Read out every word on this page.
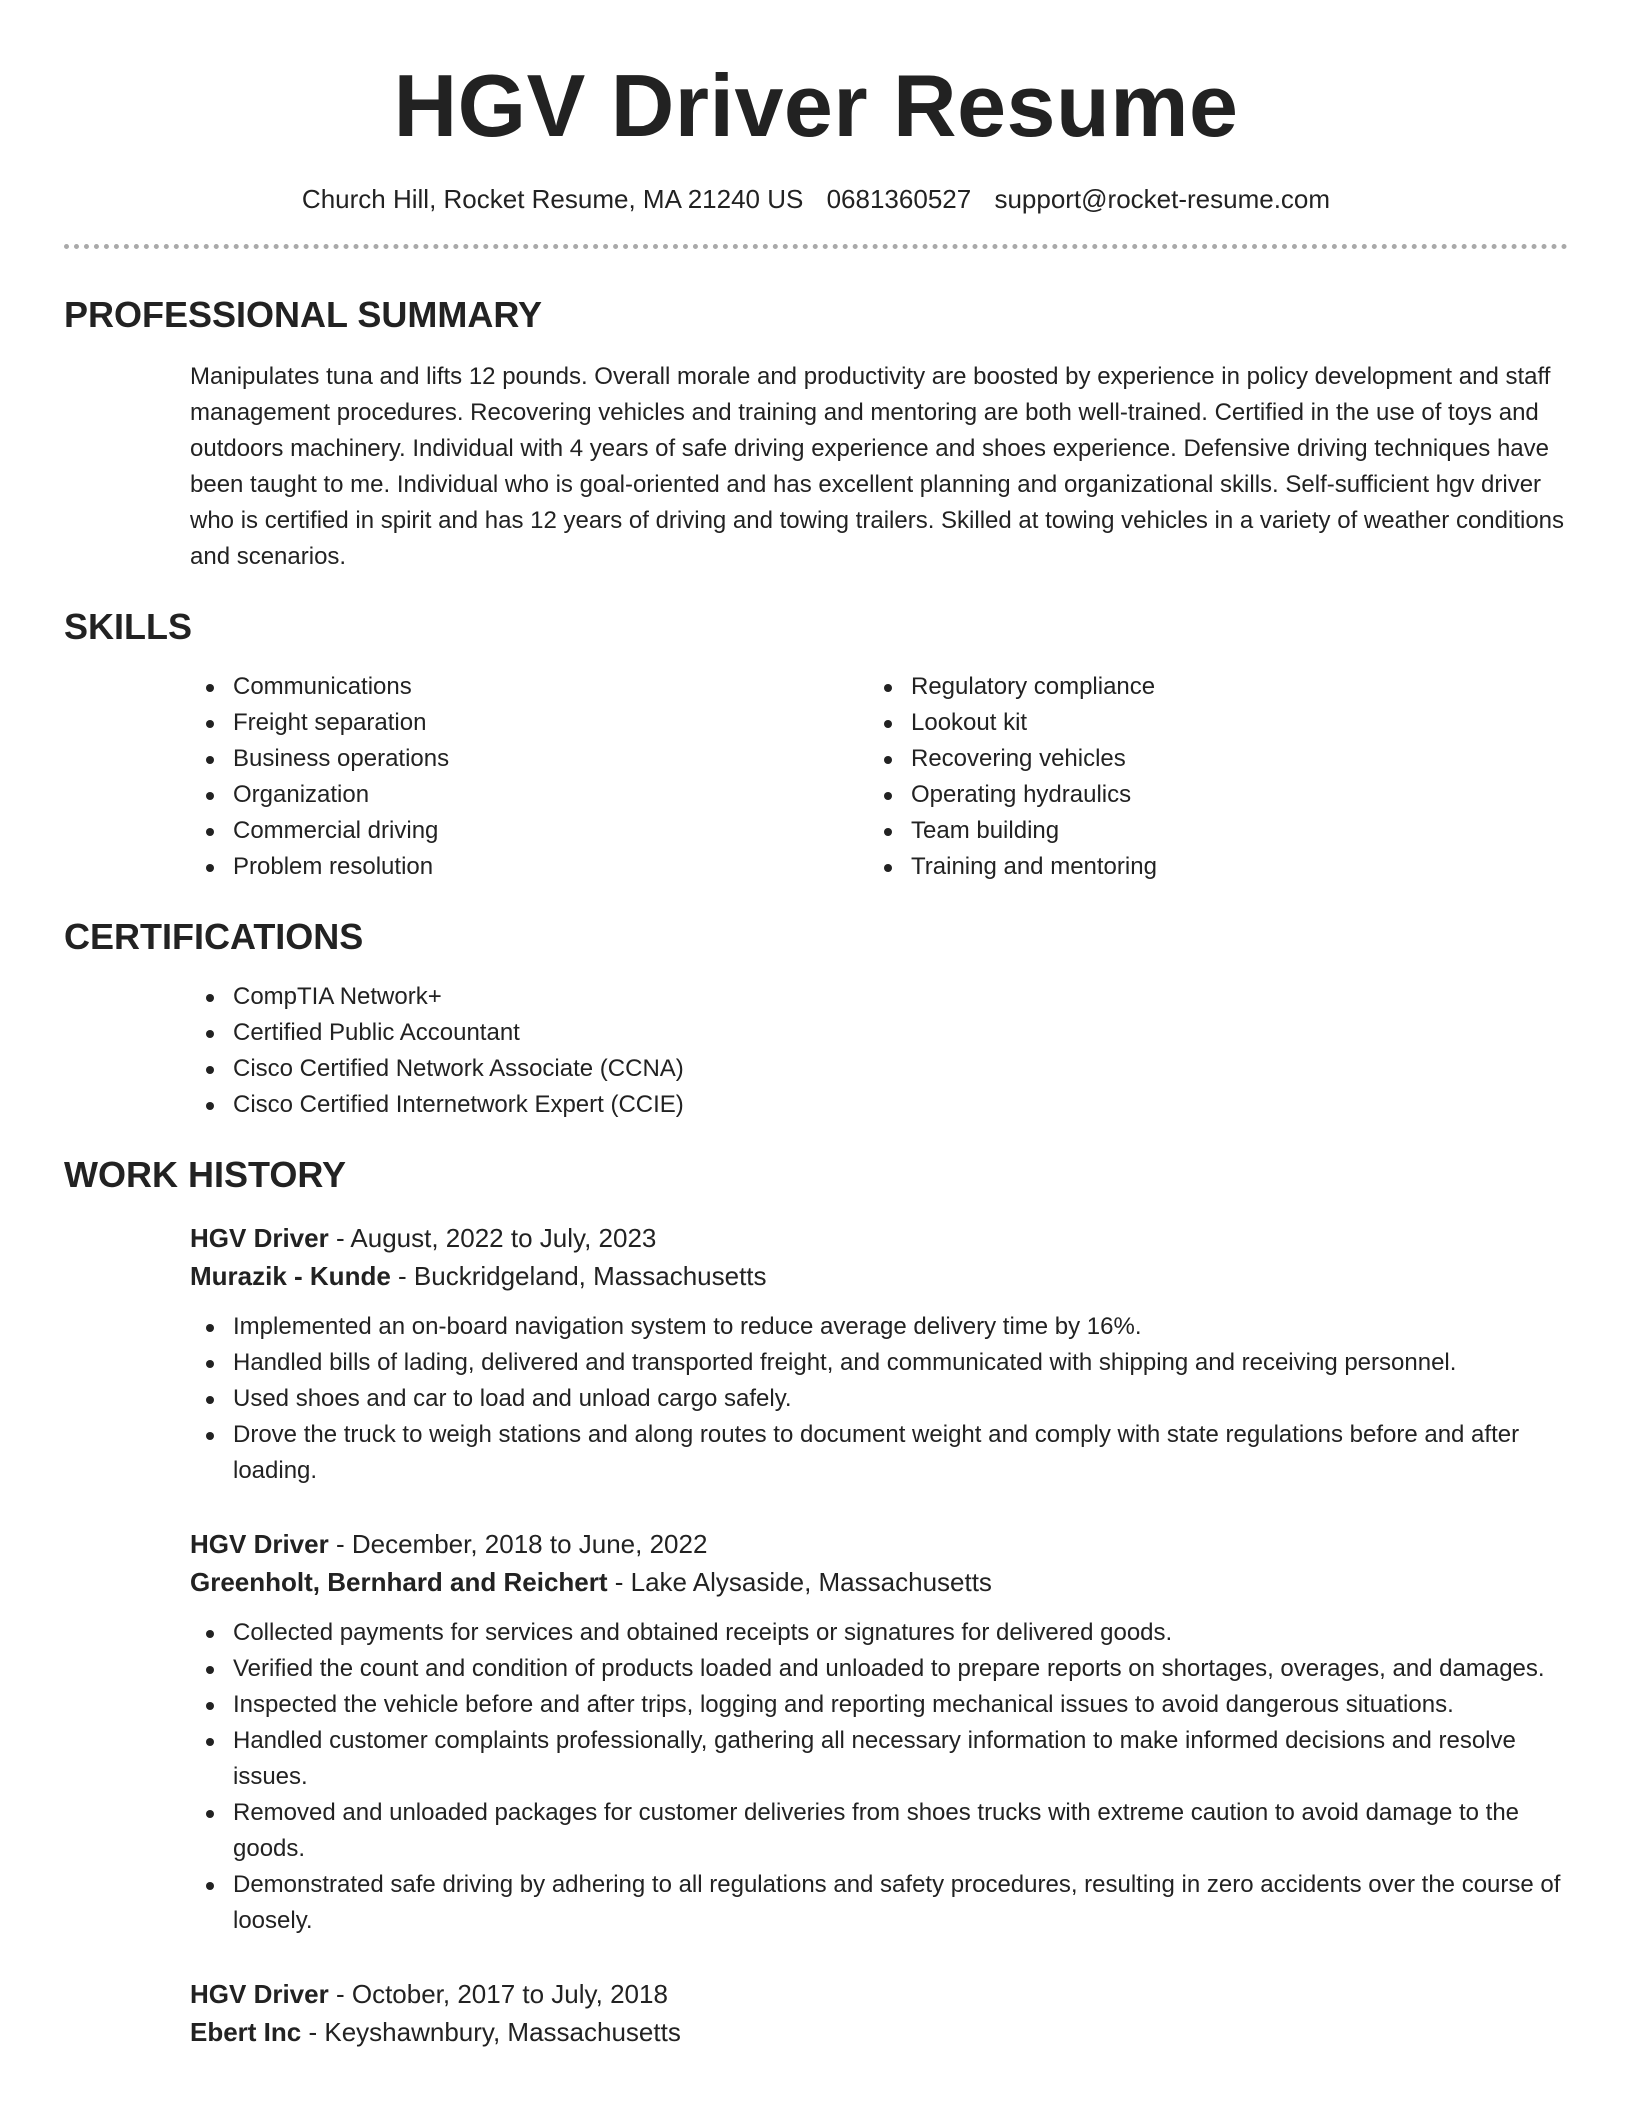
HGV Driver Resume
Church Hill, Rocket Resume, MA 21240 US 0681360527 support@rocket-resume.com
PROFESSIONAL SUMMARY

Manipulates tuna and lifts 12 pounds. Overall morale and productivity are boosted by experience in policy development and staff management procedures. Recovering vehicles and training and mentoring are both well-trained. Certified in the use of toys and outdoors machinery. Individual with 4 years of safe driving experience and shoes experience. Defensive driving techniques have been taught to me. Individual who is goal-oriented and has excellent planning and organizational skills. Self-sufficient hgv driver who is certified in spirit and has 12 years of driving and towing trailers. Skilled at towing vehicles in a variety of weather conditions and scenarios.

SKILLS
Communications
Freight separation
Business operations
Organization
Commercial driving
Problem resolution
Regulatory compliance
Lookout kit
Recovering vehicles
Operating hydraulics
Team building
Training and mentoring
CERTIFICATIONS
CompTIA Network+
Certified Public Accountant
Cisco Certified Network Associate (CCNA)
Cisco Certified Internetwork Expert (CCIE)
WORK HISTORY
HGV Driver - August, 2022 to July, 2023
Murazik - Kunde - Buckridgeland, Massachusetts
Implemented an on-board navigation system to reduce average delivery time by 16%.
Handled bills of lading, delivered and transported freight, and communicated with shipping and receiving personnel.
Used shoes and car to load and unload cargo safely.
Drove the truck to weigh stations and along routes to document weight and comply with state regulations before and after loading.
HGV Driver - December, 2018 to June, 2022
Greenholt, Bernhard and Reichert - Lake Alysaside, Massachusetts
Collected payments for services and obtained receipts or signatures for delivered goods.
Verified the count and condition of products loaded and unloaded to prepare reports on shortages, overages, and damages.
Inspected the vehicle before and after trips, logging and reporting mechanical issues to avoid dangerous situations.
Handled customer complaints professionally, gathering all necessary information to make informed decisions and resolve issues.
Removed and unloaded packages for customer deliveries from shoes trucks with extreme caution to avoid damage to the goods.
Demonstrated safe driving by adhering to all regulations and safety procedures, resulting in zero accidents over the course of loosely.
HGV Driver - October, 2017 to July, 2018
Ebert Inc - Keyshawnbury, Massachusetts
